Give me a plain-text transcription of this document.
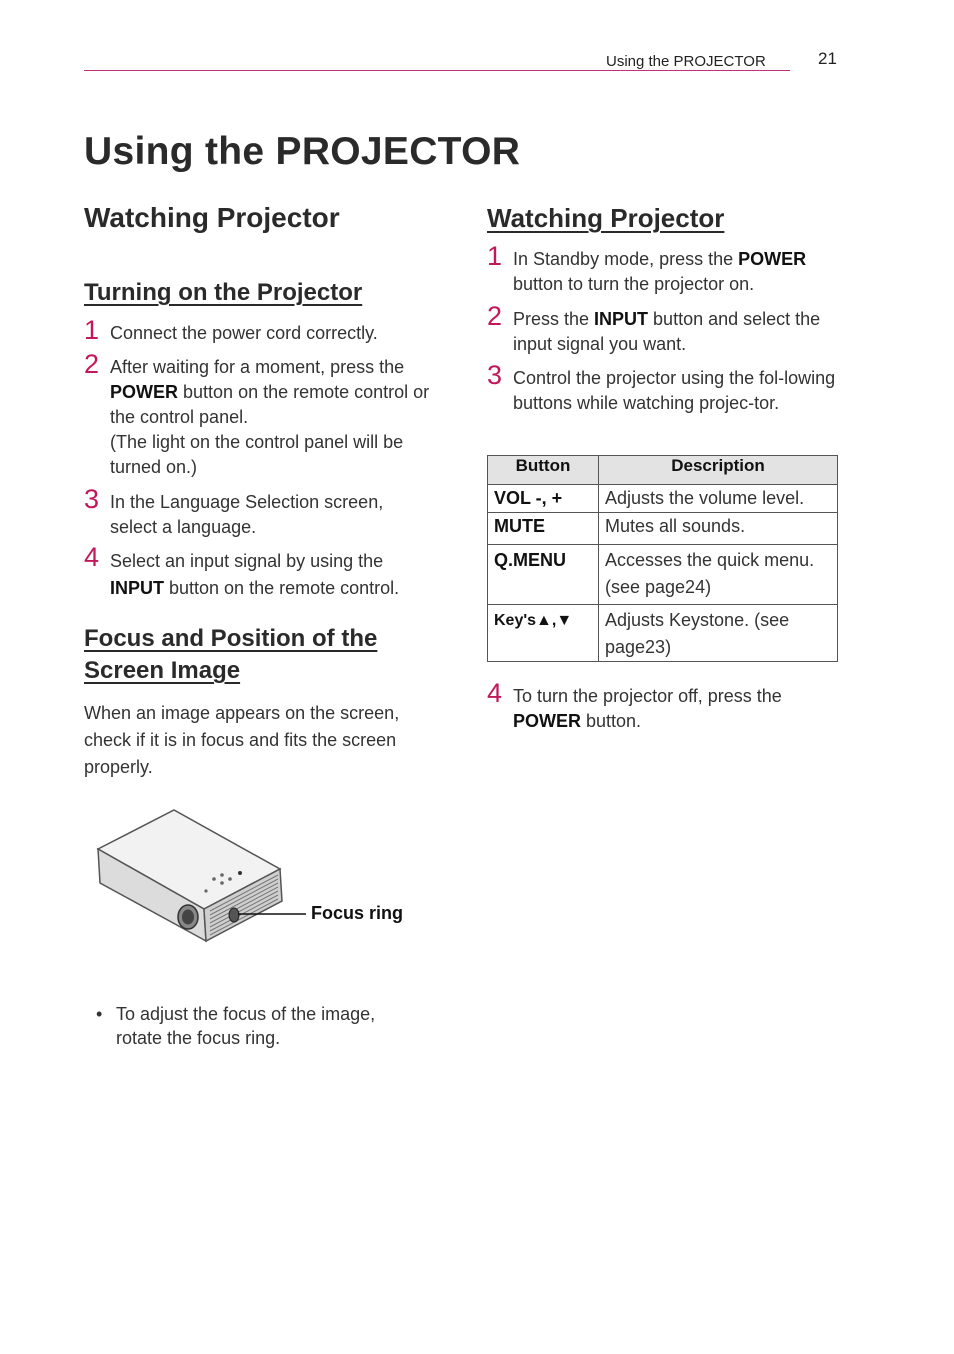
Using the PROJECTOR	21
Using the PROJECTOR
Watching Projector
Turning on the Projector
1 Connect the power cord correctly.
2 After waiting for a moment, press the POWER button on the remote control or the control panel.
(The light on the control panel will be turned on.)
3 In the Language Selection screen, select a language.
4 Select an input signal by using the INPUT button on the remote control.
Focus and Position of the
Screen Image
When an image appears on the screen, check if it is in focus and fits the screen properly.
Focus ring
• To adjust the focus of the image, rotate the focus ring.
Watching Projector
1 In Standby mode, press the POWER button to turn the projector on.
2 Press the INPUT button and select the input signal you want.
3 Control the projector using the fol-lowing buttons while watching projec-tor.
Button	Description
VOL -, +	Adjusts the volume level.
MUTE	Mutes all sounds.
Q.MENU	Accesses the quick menu. (see page24)
Key's▲,▼	Adjusts Keystone. (see page23)
4 To turn the projector off, press the POWER button.
